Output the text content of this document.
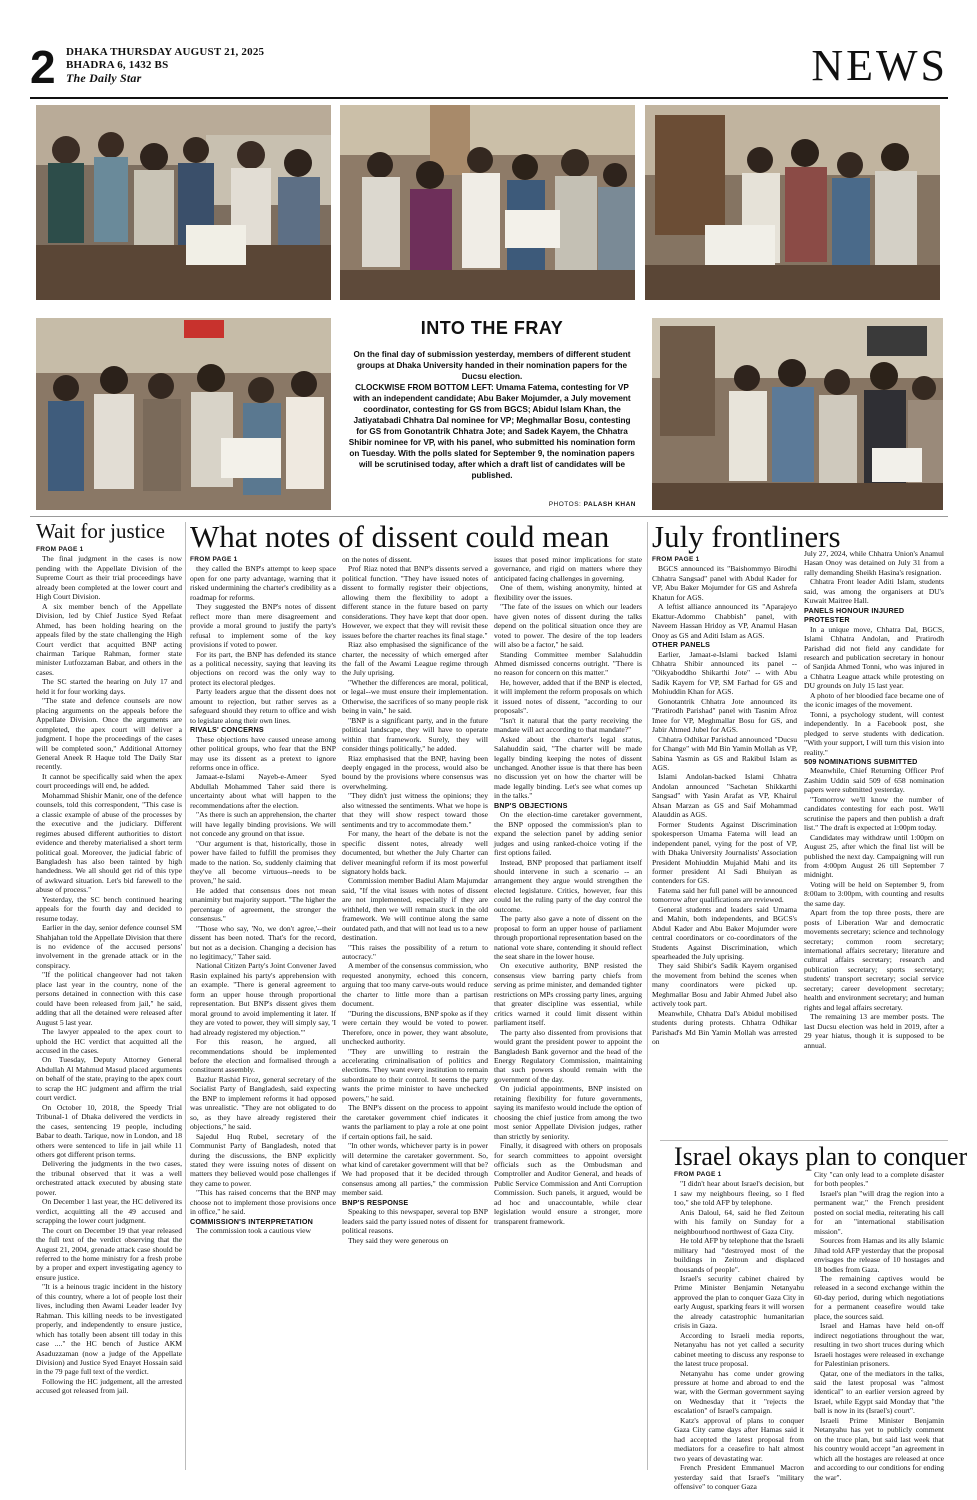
2 DHAKA THURSDAY AUGUST 21, 2025
BHADRA 6, 1432 BS
The Daily Star	NEWS
INTO THE FRAY

On the final day of submission yesterday, members of different student groups at Dhaka University handed in their nomination papers for the Ducsu election.

CLOCKWISE FROM BOTTOM LEFT: Umama Fatema, contesting for VP with an independent candidate; Abu Baker Mojumder, a July movement coordinator, contesting for GS from BGCS; Abidul Islam Khan, the Jatiyatabadi Chhatra Dal nominee for VP; Meghmallar Bosu, contesting for GS from Gonotantrik Chhatra Jote; and Sadek Kayem, the Chhatra Shibir nominee for VP, with his panel, who submitted his nomination form on Tuesday. With the polls slated for September 9, the nomination papers will be scrutinised today, after which a draft list of candidates will be published.

PHOTOS: PALASH KHAN
Wait for justice

FROM PAGE 1

The final judgment in the cases is now pending with the Appellate Division of the Supreme Court as their trial proceedings have already been completed at the lower court and High Court Division.

A six member bench of the Appellate Division, led by Chief Justice Syed Refaat Ahmed, has been holding hearing on the appeals filed by the state challenging the High Court verdict that acquitted BNP acting chairman Tarique Rahman, former state minister Lutfozzaman Babar, and others in the cases.

The SC started the hearing on July 17 and held it for four working days.

"The state and defence counsels are now placing arguments on the appeals before the Appellate Division. Once the arguments are completed, the apex court will deliver a judgment. I hope the proceedings of the cases will be completed soon," Additional Attorney General Aneek R Haque told The Daily Star recently.

It cannot be specifically said when the apex court proceedings will end, he added.

Mohammad Shishir Manir, one of the defence counsels, told this correspondent, "This case is a classic example of abuse of the processes by the executive and the judiciary. Different regimes abused different authorities to distort evidence and thereby materialised a short term political goal. Moreover, the judicial fabric of Bangladesh has also been tainted by high handedness. We all should get rid of this type of awkward situation. Let's bid farewell to the abuse of process."

Yesterday, the SC bench continued hearing appeals for the fourth day and decided to resume today.

Earlier in the day, senior defence counsel SM Shahjahan told the Appellate Division that there is no evidence of the accused persons' involvement in the grenade attack or in the conspiracy.

"If the political changeover had not taken place last year in the country, none of the persons detained in connection with this case could have been released from jail," he said, adding that all the detained were released after August 5 last year.

The lawyer appealed to the apex court to uphold the HC verdict that acquitted all the accused in the cases.

On Tuesday, Deputy Attorney General Abdullah Al Mahmud Masud placed arguments on behalf of the state, praying to the apex court to scrap the HC judgment and affirm the trial court verdict.

On October 10, 2018, the Speedy Trial Tribunal-1 of Dhaka delivered the verdicts in the cases, sentencing 19 people, including Babar to death. Tarique, now in London, and 18 others were sentenced to life in jail while 11 others got different prison terms.

Delivering the judgments in the two cases, the tribunal observed that it was a well orchestrated attack executed by abusing state power.

On December 1 last year, the HC delivered its verdict, acquitting all the 49 accused and scrapping the lower court judgment.

The court on December 19 that year released the full text of the verdict observing that the August 21, 2004, grenade attack case should be referred to the home ministry for a fresh probe by a proper and expert investigating agency to ensure justice.

"It is a heinous tragic incident in the history of this country, where a lot of people lost their lives, including then Awami Leader leader Ivy Rahman. This killing needs to be investigated properly, and independently to ensure justice, which has totally been absent till today in this case ...." the HC bench of Justice AKM Asaduzzaman (now a judge of the Appellate Division) and Justice Syed Enayet Hossain said in the 79 page full text of the verdict.

Following the HC judgement, all the arrested accused got released from jail.

What notes of dissent could mean

FROM PAGE 1

they called the BNP's attempt to keep space open for one party advantage, warning that it risked undermining the charter's credibility as a roadmap for reforms.

They suggested the BNP's notes of dissent reflect more than mere disagreement and provide a moral ground to justify the party's refusal to implement some of the key provisions if voted to power.

For its part, the BNP has defended its stance as a political necessity, saying that leaving its objections on record was the only way to protect its electoral pledges.

Party leaders argue that the dissent does not amount to rejection, but rather serves as a safeguard should they return to office and wish to legislate along their own lines.

RIVALS' CONCERNS

These objections have caused unease among other political groups, who fear that the BNP may use its dissent as a pretext to ignore reforms once in office.

Jamaat-e-Islami Nayeb-e-Ameer Syed Abdullah Mohammed Taher said there is uncertainty about what will happen to the recommendations after the election.

"As there is such an apprehension, the charter will have legally binding provisions. We will not concede any ground on that issue.

"Our argument is that, historically, those in power have failed to fulfill the promises they made to the nation. So, suddenly claiming that they've all become virtuous--needs to be proven," he said.

He added that consensus does not mean unanimity but majority support. "The higher the percentage of agreement, the stronger the consensus."

"Those who say, 'No, we don't agree,'--their dissent has been noted. That's for the record, but not as a decision. Changing a decision has no legitimacy," Taher said.

National Citizen Party's Joint Convener Javed Rasin explained his party's apprehension with an example. "There is general agreement to form an upper house through proportional representation. But BNP's dissent gives them moral ground to avoid implementing it later. If they are voted to power, they will simply say, 'I had already registered my objection.'"

For this reason, he argued, all recommendations should be implemented before the election and formalised through a constituent assembly.

Bazlur Rashid Firoz, general secretary of the Socialist Party of Bangladesh, said expecting the BNP to implement reforms it had opposed was unrealistic. "They are not obligated to do so, as they have already registered their objections," he said.

Sajedul Huq Rubel, secretary of the Communist Party of Bangladesh, noted that during the discussions, the BNP explicitly stated they were issuing notes of dissent on matters they believed would pose challenges if they came to power.

"This has raised concerns that the BNP may choose not to implement those provisions once in office," he said.

COMMISSION'S INTERPRETATION

The commission took a cautious view

on the notes of dissent.

Prof Riaz noted that BNP's dissents served a political function. "They have issued notes of dissent to formally register their objections, allowing them the flexibility to adopt a different stance in the future based on party considerations. They have kept that door open. However, we expect that they will revisit these issues before the charter reaches its final stage."

Riaz also emphasised the significance of the charter, the necessity of which emerged after the fall of the Awami League regime through the July uprising.

"Whether the differences are moral, political, or legal--we must ensure their implementation. Otherwise, the sacrifices of so many people risk being in vain," he said.

"BNP is a significant party, and in the future political landscape, they will have to operate within that framework. Surely, they will consider things politically," he added.

Riaz emphasised that the BNP, having been deeply engaged in the process, would also be bound by the provisions where consensus was overwhelming.

"They didn't just witness the opinions; they also witnessed the sentiments. What we hope is that they will show respect toward those sentiments and try to accommodate them."

For many, the heart of the debate is not the specific dissent notes, already well documented, but whether the July Charter can deliver meaningful reform if its most powerful signatory holds back.

Commission member Badiul Alam Majumdar said, "If the vital issues with notes of dissent are not implemented, especially if they are withheld, then we will remain stuck in the old framework. We will continue along the same outdated path, and that will not lead us to a new destination.

"This raises the possibility of a return to autocracy."

A member of the consensus commission, who requested anonymity, echoed this concern, arguing that too many carve-outs would reduce the charter to little more than a partisan document.

"During the discussions, BNP spoke as if they were certain they would be voted to power. Therefore, once in power, they want absolute, unchecked authority.

"They are unwilling to restrain the accelerating criminalisation of politics and elections. They want every institution to remain subordinate to their control. It seems the party wants the prime minister to have unchecked powers," he said.

The BNP's dissent on the process to appoint the caretaker government chief indicates it wants the parliament to play a role at one point if certain options fail, he said.

"In other words, whichever party is in power will determine the caretaker government. So, what kind of caretaker government will that be? We had proposed that it be decided through consensus among all parties," the commission member said.

BNP'S RESPONSE

Speaking to this newspaper, several top BNP leaders said the party issued notes of dissent for political reasons.

They said they were generous on

issues that posed minor implications for state governance, and rigid on matters where they anticipated facing challenges in governing.

One of them, wishing anonymity, hinted at flexibility over the issues.

"The fate of the issues on which our leaders have given notes of dissent during the talks depend on the political situation once they are voted to power. The desire of the top leaders will also be a factor," he said.

Standing Committee member Salahuddin Ahmed dismissed concerns outright. "There is no reason for concern on this matter."

He, however, added that if the BNP is elected, it will implement the reform proposals on which it issued notes of dissent, "according to our proposals".

"Isn't it natural that the party receiving the mandate will act according to that mandate?"

Asked about the charter's legal status, Salahuddin said, "The charter will be made legally binding keeping the notes of dissent unchanged. Another issue is that there has been no discussion yet on how the charter will be made legally binding. Let's see what comes up in the talks."

BNP'S OBJECTIONS

On the election-time caretaker government, the BNP opposed the commission's plan to expand the selection panel by adding senior judges and using ranked-choice voting if the first options failed.

Instead, BNP proposed that parliament itself should intervene in such a scenario -- an arrangement they argue would strengthen the elected legislature. Critics, however, fear this could let the ruling party of the day control the outcome.

The party also gave a note of dissent on the proposal to form an upper house of parliament through proportional representation based on the national vote share, contending it should reflect the seat share in the lower house.

On executive authority, BNP resisted the consensus view barring party chiefs from serving as prime minister, and demanded tighter restrictions on MPs crossing party lines, arguing that greater discipline was essential, while critics warned it could limit dissent within parliament itself.

The party also dissented from provisions that would grant the president power to appoint the Bangladesh Bank governor and the head of the Energy Regulatory Commission, maintaining that such powers should remain with the government of the day.

On judicial appointments, BNP insisted on retaining flexibility for future governments, saying its manifesto would include the option of choosing the chief justice from among the two most senior Appellate Division judges, rather than strictly by seniority.

Finally, it disagreed with others on proposals for search committees to appoint oversight officials such as the Ombudsman and Comptroller and Auditor General, and heads of Public Service Commission and Anti Corruption Commission. Such panels, it argued, would be ad hoc and unaccountable, while clear legislation would ensure a stronger, more transparent framework.

July frontliners

FROM PAGE 1

BGCS announced its "Baishommyo Birodhi Chhatra Sangsad" panel with Abdul Kader for VP, Abu Baker Mojumder for GS and Ashrefa Khatun for AGS.

A leftist alliance announced its "Aparajeyo Ekattur-Adommo Chabbish" panel, with Naveem Hassan Hridoy as VP, Anamul Hasan Onoy as GS and Aditi Islam as AGS.

OTHER PANELS

Earlier, Jamaat-e-Islami backed Islami Chhatra Shibir announced its panel -- "Oikyaboddho Shikarthi Jote" -- with Abu Sadik Kayem for VP, SM Farhad for GS and Mohiuddin Khan for AGS.

Gonotantrik Chhatra Jote announced its "Pratirodh Parishad" panel with Tasnim Afroz Imee for VP, Meghmallar Bosu for GS, and Jabir Ahmed Jubel for AGS.

Chhatra Odhikar Parishad announced "Ducsu for Change" with Md Bin Yamin Mollah as VP, Sabina Yasmin as GS and Rakibul Islam as AGS.

Islami Andolan-backed Islami Chhatra Andolan announced "Sachetan Shikkarthi Sangsad" with Yasin Arafat as VP, Khairul Ahsan Marzan as GS and Saif Mohammad Alauddin as AGS.

Former Students Against Discrimination spokesperson Umama Fatema will lead an independent panel, vying for the post of VP, with Dhaka University Journalists' Association President Mohiuddin Mujahid Mahi and its former president Al Sadi Bhuiyan as contenders for GS.

Fatema said her full panel will be announced tomorrow after qualifications are reviewed.

General students and leaders said Umama and Mahin, both independents, and BGCS's Abdul Kader and Abu Baker Mojumder were central coordinators or co-coordinators of the Students Against Discrimination, which spearheaded the July uprising.

They said Shibir's Sadik Kayem organised the movement from behind the scenes when many coordinators were picked up. Meghmallar Bosu and Jabir Ahmed Jubel also actively took part.

Meanwhile, Chhatra Dal's Abidul mobilised students during protests. Chhatra Odhikar Parishad's Md Bin Yamin Mollah was arrested on

July 27, 2024, while Chhatra Union's Anamul Hasan Onoy was detained on July 31 from a rally demanding Sheikh Hasina's resignation.

Chhatra Front leader Aditi Islam, students said, was among the organisers at DU's Kuwait Maitree Hall.

PANELS HONOUR INJURED PROTESTER

In a unique move, Chhatra Dal, BGCS, Islami Chhatra Andolan, and Pratirodh Parishad did not field any candidate for research and publication secretary in honour of Sanjida Ahmed Tonni, who was injured in a Chhatra League attack while protesting on DU grounds on July 15 last year.

A photo of her bloodied face became one of the iconic images of the movement.

Tonni, a psychology student, will contest independently. In a Facebook post, she pledged to serve students with dedication. "With your support, I will turn this vision into reality."

509 NOMINATIONS SUBMITTED

Meanwhile, Chief Returning Officer Prof Zashim Uddin said 509 of 658 nomination papers were submitted yesterday.

"Tomorrow we'll know the number of candidates contesting for each post. We'll scrutinise the papers and then publish a draft list." The draft is expected at 1:00pm today.

Candidates may withdraw until 1:00pm on August 25, after which the final list will be published the next day. Campaigning will run from 4:00pm August 26 till September 7 midnight.

Voting will be held on September 9, from 8:00am to 3:00pm, with counting and results the same day.

Apart from the top three posts, there are posts of Liberation War and democratic movements secretary; science and technology secretary; common room secretary; international affairs secretary; literature and cultural affairs secretary; research and publication secretary; sports secretary; students' transport secretary; social service secretary; career development secretary; health and environment secretary; and human rights and legal affairs secretary.

The remaining 13 are member posts. The last Ducsu election was held in 2019, after a 29 year hiatus, though it is supposed to be annual.

Israel okays plan to conquer

FROM PAGE 1

"I didn't hear about Israel's decision, but I saw my neighbours fleeing, so I fled too," she told AFP by telephone.

Anis Daloul, 64, said he fled Zeitoun with his family on Sunday for a neighbourhood northwest of Gaza City.

He told AFP by telephone that the Israeli military had "destroyed most of the buildings in Zeitoun and displaced thousands of people".

Israel's security cabinet chaired by Prime Minister Benjamin Netanyahu approved the plan to conquer Gaza City in early August, sparking fears it will worsen the already catastrophic humanitarian crisis in Gaza.

According to Israeli media reports, Netanyahu has not yet called a security cabinet meeting to discuss any response to the latest truce proposal.

Netanyahu has come under growing pressure at home and abroad to end the war, with the German government saying on Wednesday that it "rejects the escalation" of Israel's campaign.

Katz's approval of plans to conquer Gaza City came days after Hamas said it had accepted the latest proposal from mediators for a ceasefire to halt almost two years of devastating war.

French President Emmanuel Macron yesterday said that Israel's "military offensive" to conquer Gaza

City "can only lead to a complete disaster for both peoples."

Israel's plan "will drag the region into a permanent war," the French president posted on social media, reiterating his call for an "international stabilisation mission".

Sources from Hamas and its ally Islamic Jihad told AFP yesterday that the proposal envisages the release of 10 hostages and 18 bodies from Gaza.

The remaining captives would be released in a second exchange within the 60-day period, during which negotiations for a permanent ceasefire would take place, the sources said.

Israel and Hamas have held on-off indirect negotiations throughout the war, resulting in two short truces during which Israeli hostages were released in exchange for Palestinian prisoners.

Qatar, one of the mediators in the talks, said the latest proposal was "almost identical" to an earlier version agreed by Israel, while Egypt said Monday that "the ball is now in its (Israel's) court".

Israeli Prime Minister Benjamin Netanyahu has yet to publicly comment on the truce plan, but said last week that his country would accept "an agreement in which all the hostages are released at once and according to our conditions for ending the war".
